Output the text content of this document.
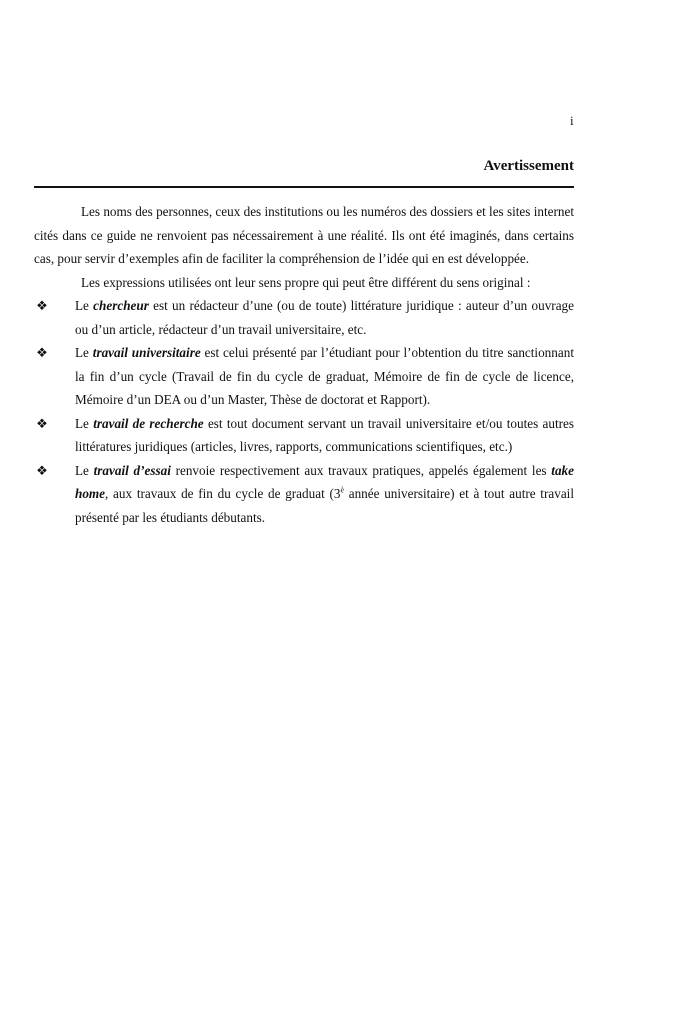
i
Avertissement

Les noms des personnes, ceux des institutions ou les numéros des dossiers et les sites internet cités dans ce guide ne renvoient pas nécessairement à une réalité. Ils ont été imaginés, dans certains cas, pour servir d’exemples afin de faciliter la compréhension de l’idée qui en est développée.

Les expressions utilisées ont leur sens propre qui peut être différent du sens original :

❖ Le chercheur est un rédacteur d’une (ou de toute) littérature juridique : auteur d’un ouvrage ou d’un article, rédacteur d’un travail universitaire, etc.
❖ Le travail universitaire est celui présenté par l’étudiant pour l’obtention du titre sanctionnant la fin d’un cycle (Travail de fin du cycle de graduat, Mémoire de fin de cycle de licence, Mémoire d’un DEA ou d’un Master, Thèse de doctorat et Rapport).
❖ Le travail de recherche est tout document servant un travail universitaire et/ou toutes autres littératures juridiques (articles, livres, rapports, communications scientifiques, etc.)
❖ Le travail d’essai renvoie respectivement aux travaux pratiques, appelés également les take home, aux travaux de fin du cycle de graduat ($3^è$ année universitaire) et à tout autre travail présenté par les étudiants débutants.
